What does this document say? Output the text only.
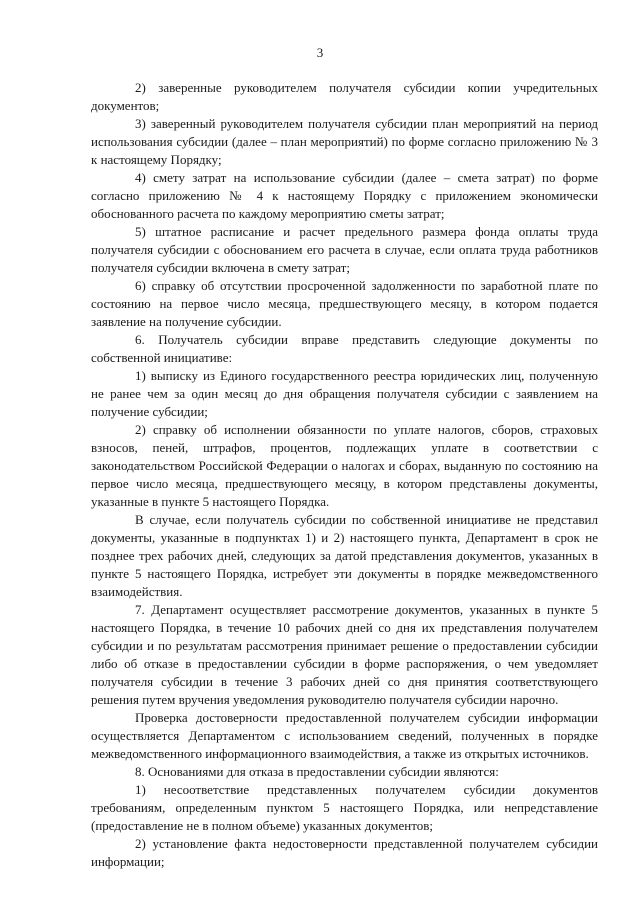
3

2) заверенные руководителем получателя субсидии копии учредительных документов;

3) заверенный руководителем получателя субсидии план мероприятий на период использования субсидии (далее – план мероприятий) по форме согласно приложению № 3 к настоящему Порядку;

4) смету затрат на использование субсидии (далее – смета затрат) по форме согласно приложению № 4 к настоящему Порядку с приложением экономически обоснованного расчета по каждому мероприятию сметы затрат;

5) штатное расписание и расчет предельного размера фонда оплаты труда получателя субсидии с обоснованием его расчета в случае, если оплата труда работников получателя субсидии включена в смету затрат;

6) справку об отсутствии просроченной задолженности по заработной плате по состоянию на первое число месяца, предшествующего месяцу, в котором подается заявление на получение субсидии.

6. Получатель субсидии вправе представить следующие документы по собственной инициативе:

1) выписку из Единого государственного реестра юридических лиц, полученную не ранее чем за один месяц до дня обращения получателя субсидии с заявлением на получение субсидии;

2) справку об исполнении обязанности по уплате налогов, сборов, страховых взносов, пеней, штрафов, процентов, подлежащих уплате в соответствии с законодательством Российской Федерации о налогах и сборах, выданную по состоянию на первое число месяца, предшествующего месяцу, в котором представлены документы, указанные в пункте 5 настоящего Порядка.

В случае, если получатель субсидии по собственной инициативе не представил документы, указанные в подпунктах 1) и 2) настоящего пункта, Департамент в срок не позднее трех рабочих дней, следующих за датой представления документов, указанных в пункте 5 настоящего Порядка, истребует эти документы в порядке межведомственного взаимодействия.

7. Департамент осуществляет рассмотрение документов, указанных в пункте 5 настоящего Порядка, в течение 10 рабочих дней со дня их представления получателем субсидии и по результатам рассмотрения принимает решение о предоставлении субсидии либо об отказе в предоставлении субсидии в форме распоряжения, о чем уведомляет получателя субсидии в течение 3 рабочих дней со дня принятия соответствующего решения путем вручения уведомления руководителю получателя субсидии нарочно.

Проверка достоверности предоставленной получателем субсидии информации осуществляется Департаментом с использованием сведений, полученных в порядке межведомственного информационного взаимодействия, а также из открытых источников.

8. Основаниями для отказа в предоставлении субсидии являются:

1) несоответствие представленных получателем субсидии документов требованиям, определенным пунктом 5 настоящего Порядка, или непредставление (предоставление не в полном объеме) указанных документов;

2) установление факта недостоверности представленной получателем субсидии информации;
